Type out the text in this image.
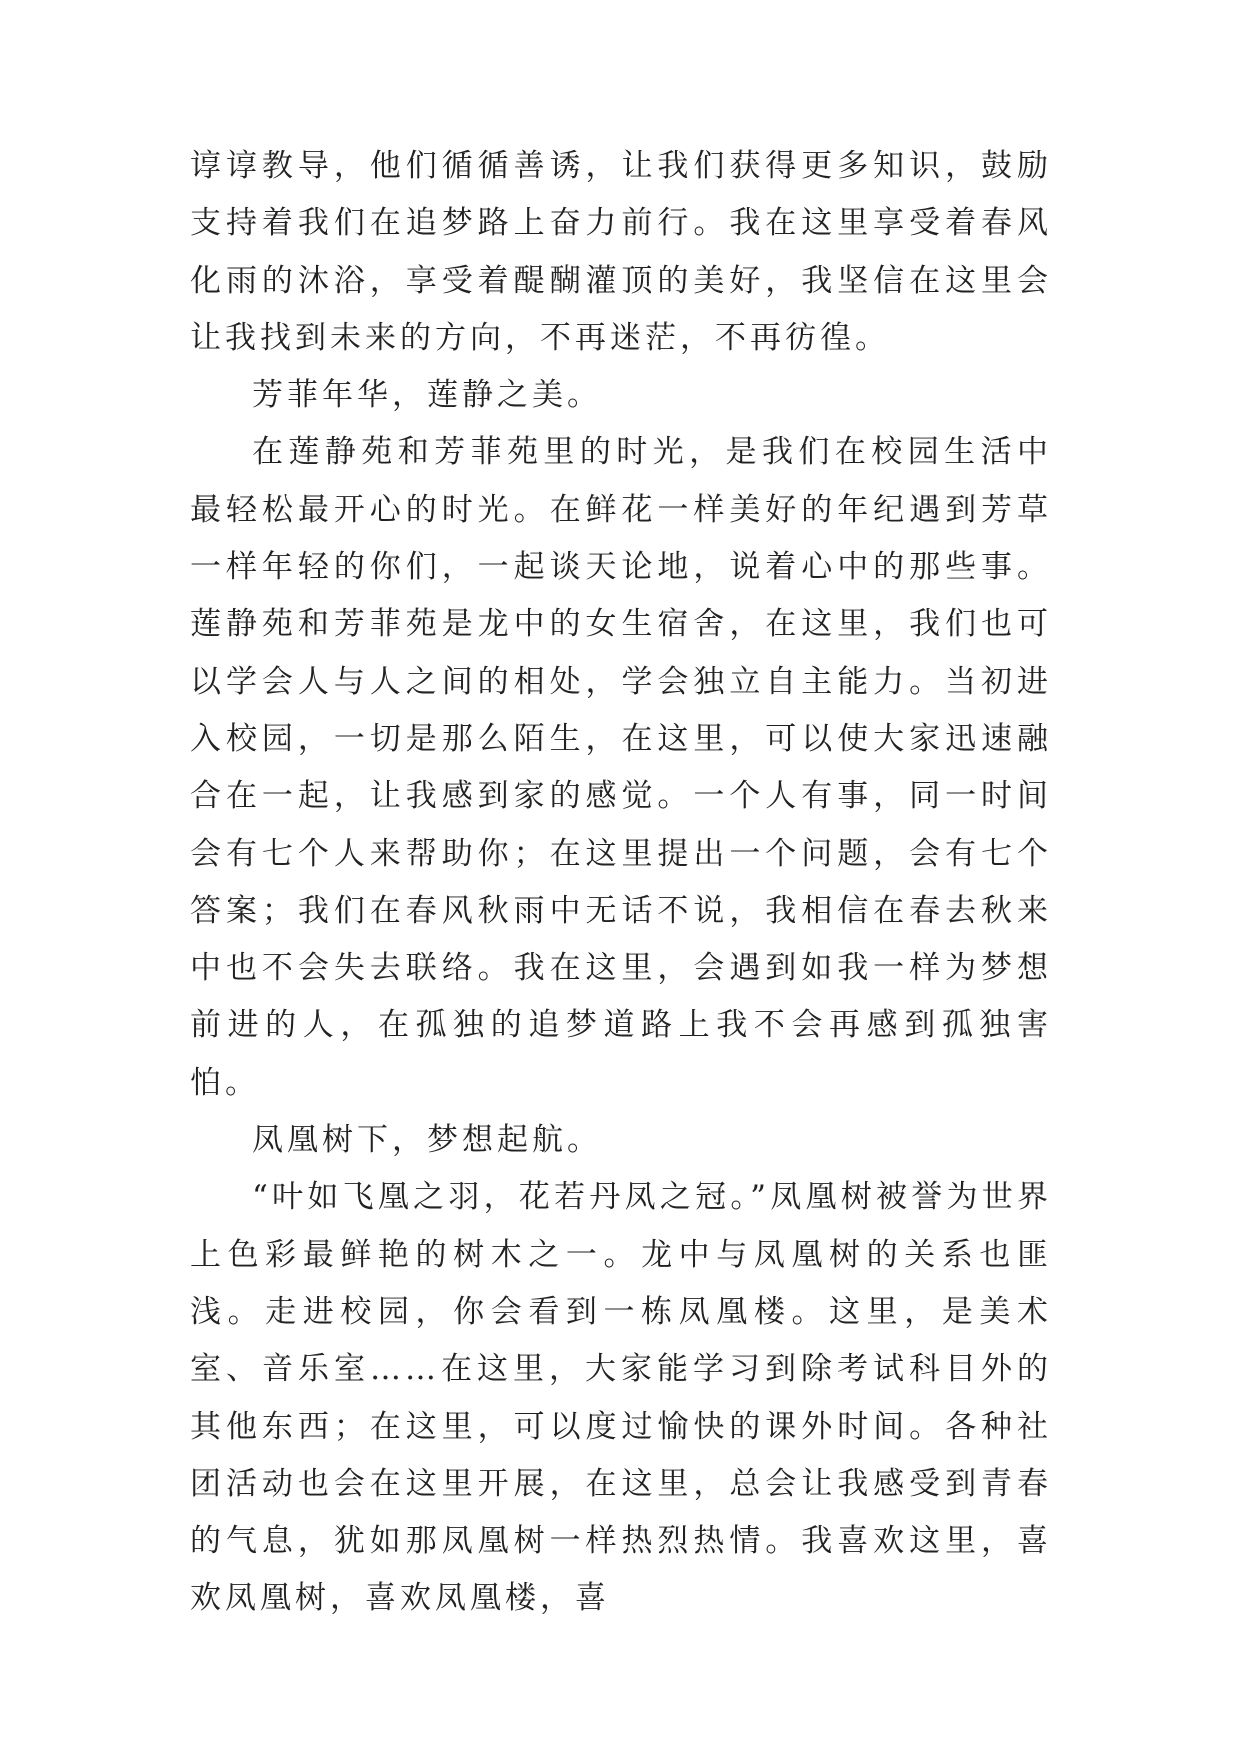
谆谆教导，他们循循善诱，让我们获得更多知识，鼓励支持着我们在追梦路上奋力前行。我在这里享受着春风化雨的沐浴，享受着醍醐灌顶的美好，我坚信在这里会让我找到未来的方向，不再迷茫，不再彷徨。

芳菲年华，莲静之美。

在莲静苑和芳菲苑里的时光，是我们在校园生活中最轻松最开心的时光。在鲜花一样美好的年纪遇到芳草一样年轻的你们，一起谈天论地，说着心中的那些事。莲静苑和芳菲苑是龙中的女生宿舍，在这里，我们也可以学会人与人之间的相处，学会独立自主能力。当初进入校园，一切是那么陌生，在这里，可以使大家迅速融合在一起，让我感到家的感觉。一个人有事，同一时间会有七个人来帮助你；在这里提出一个问题，会有七个答案；我们在春风秋雨中无话不说，我相信在春去秋来中也不会失去联络。我在这里，会遇到如我一样为梦想前进的人，在孤独的追梦道路上我不会再感到孤独害怕。

凤凰树下，梦想起航。

“叶如飞凰之羽，花若丹凤之冠。”凤凰树被誉为世界上色彩最鲜艳的树木之一。龙中与凤凰树的关系也匪浅。走进校园，你会看到一栋凤凰楼。这里，是美术室、音乐室……在这里，大家能学习到除考试科目外的其他东西；在这里，可以度过愉快的课外时间。各种社团活动也会在这里开展，在这里，总会让我感受到青春的气息，犹如那凤凰树一样热烈热情。我喜欢这里，喜欢凤凰树，喜欢凤凰楼，喜
